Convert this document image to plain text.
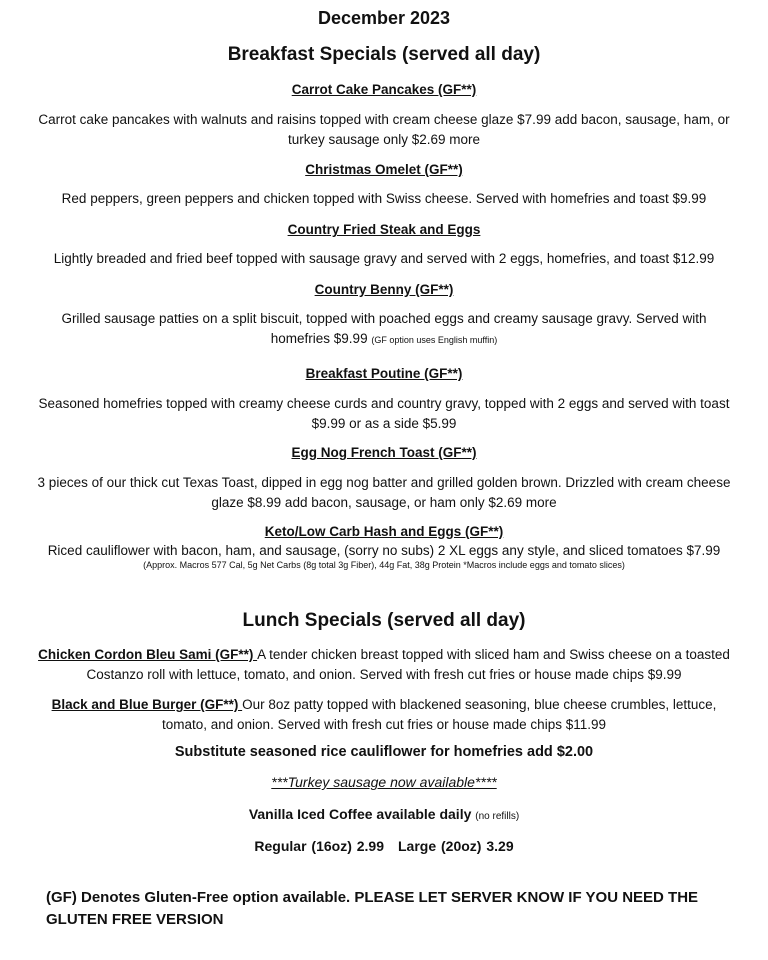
December 2023
Breakfast Specials (served all day)
Carrot Cake Pancakes (GF**)
Carrot cake pancakes with walnuts and raisins topped with cream cheese glaze $7.99 add bacon, sausage, ham, or turkey sausage only $2.69 more
Christmas Omelet (GF**)
Red peppers, green peppers and chicken topped with Swiss cheese. Served with homefries and toast $9.99
Country Fried Steak and Eggs
Lightly breaded and fried beef topped with sausage gravy and served with 2 eggs, homefries, and toast $12.99
Country Benny (GF**)
Grilled sausage patties on a split biscuit, topped with poached eggs and creamy sausage gravy. Served with homefries $9.99 (GF option uses English muffin)
Breakfast Poutine (GF**)
Seasoned homefries topped with creamy cheese curds and country gravy, topped with 2 eggs and served with toast $9.99 or as a side $5.99
Egg Nog French Toast (GF**)
3 pieces of our thick cut Texas Toast, dipped in egg nog batter and grilled golden brown. Drizzled with cream cheese glaze $8.99 add bacon, sausage, or ham only $2.69 more
Keto/Low Carb Hash and Eggs (GF**)
Riced cauliflower with bacon, ham, and sausage, (sorry no subs) 2 XL eggs any style, and sliced tomatoes $7.99
(Approx. Macros 577 Cal, 5g Net Carbs (8g total 3g Fiber), 44g Fat, 38g Protein *Macros include eggs and tomato slices)
Lunch Specials (served all day)
Chicken Cordon Bleu Sami (GF**) A tender chicken breast topped with sliced ham and Swiss cheese on a toasted Costanzo roll with lettuce, tomato, and onion. Served with fresh cut fries or house made chips $9.99
Black and Blue Burger (GF**) Our 8oz patty topped with blackened seasoning, blue cheese crumbles, lettuce, tomato, and onion. Served with fresh cut fries or house made chips $11.99
Substitute seasoned rice cauliflower for homefries add $2.00
***Turkey sausage now available****
Vanilla Iced Coffee available daily (no refills)
Regular (16oz) 2.99 Large (20oz) 3.29
(GF) Denotes Gluten-Free option available. PLEASE LET SERVER KNOW IF YOU NEED THE GLUTEN FREE VERSION
